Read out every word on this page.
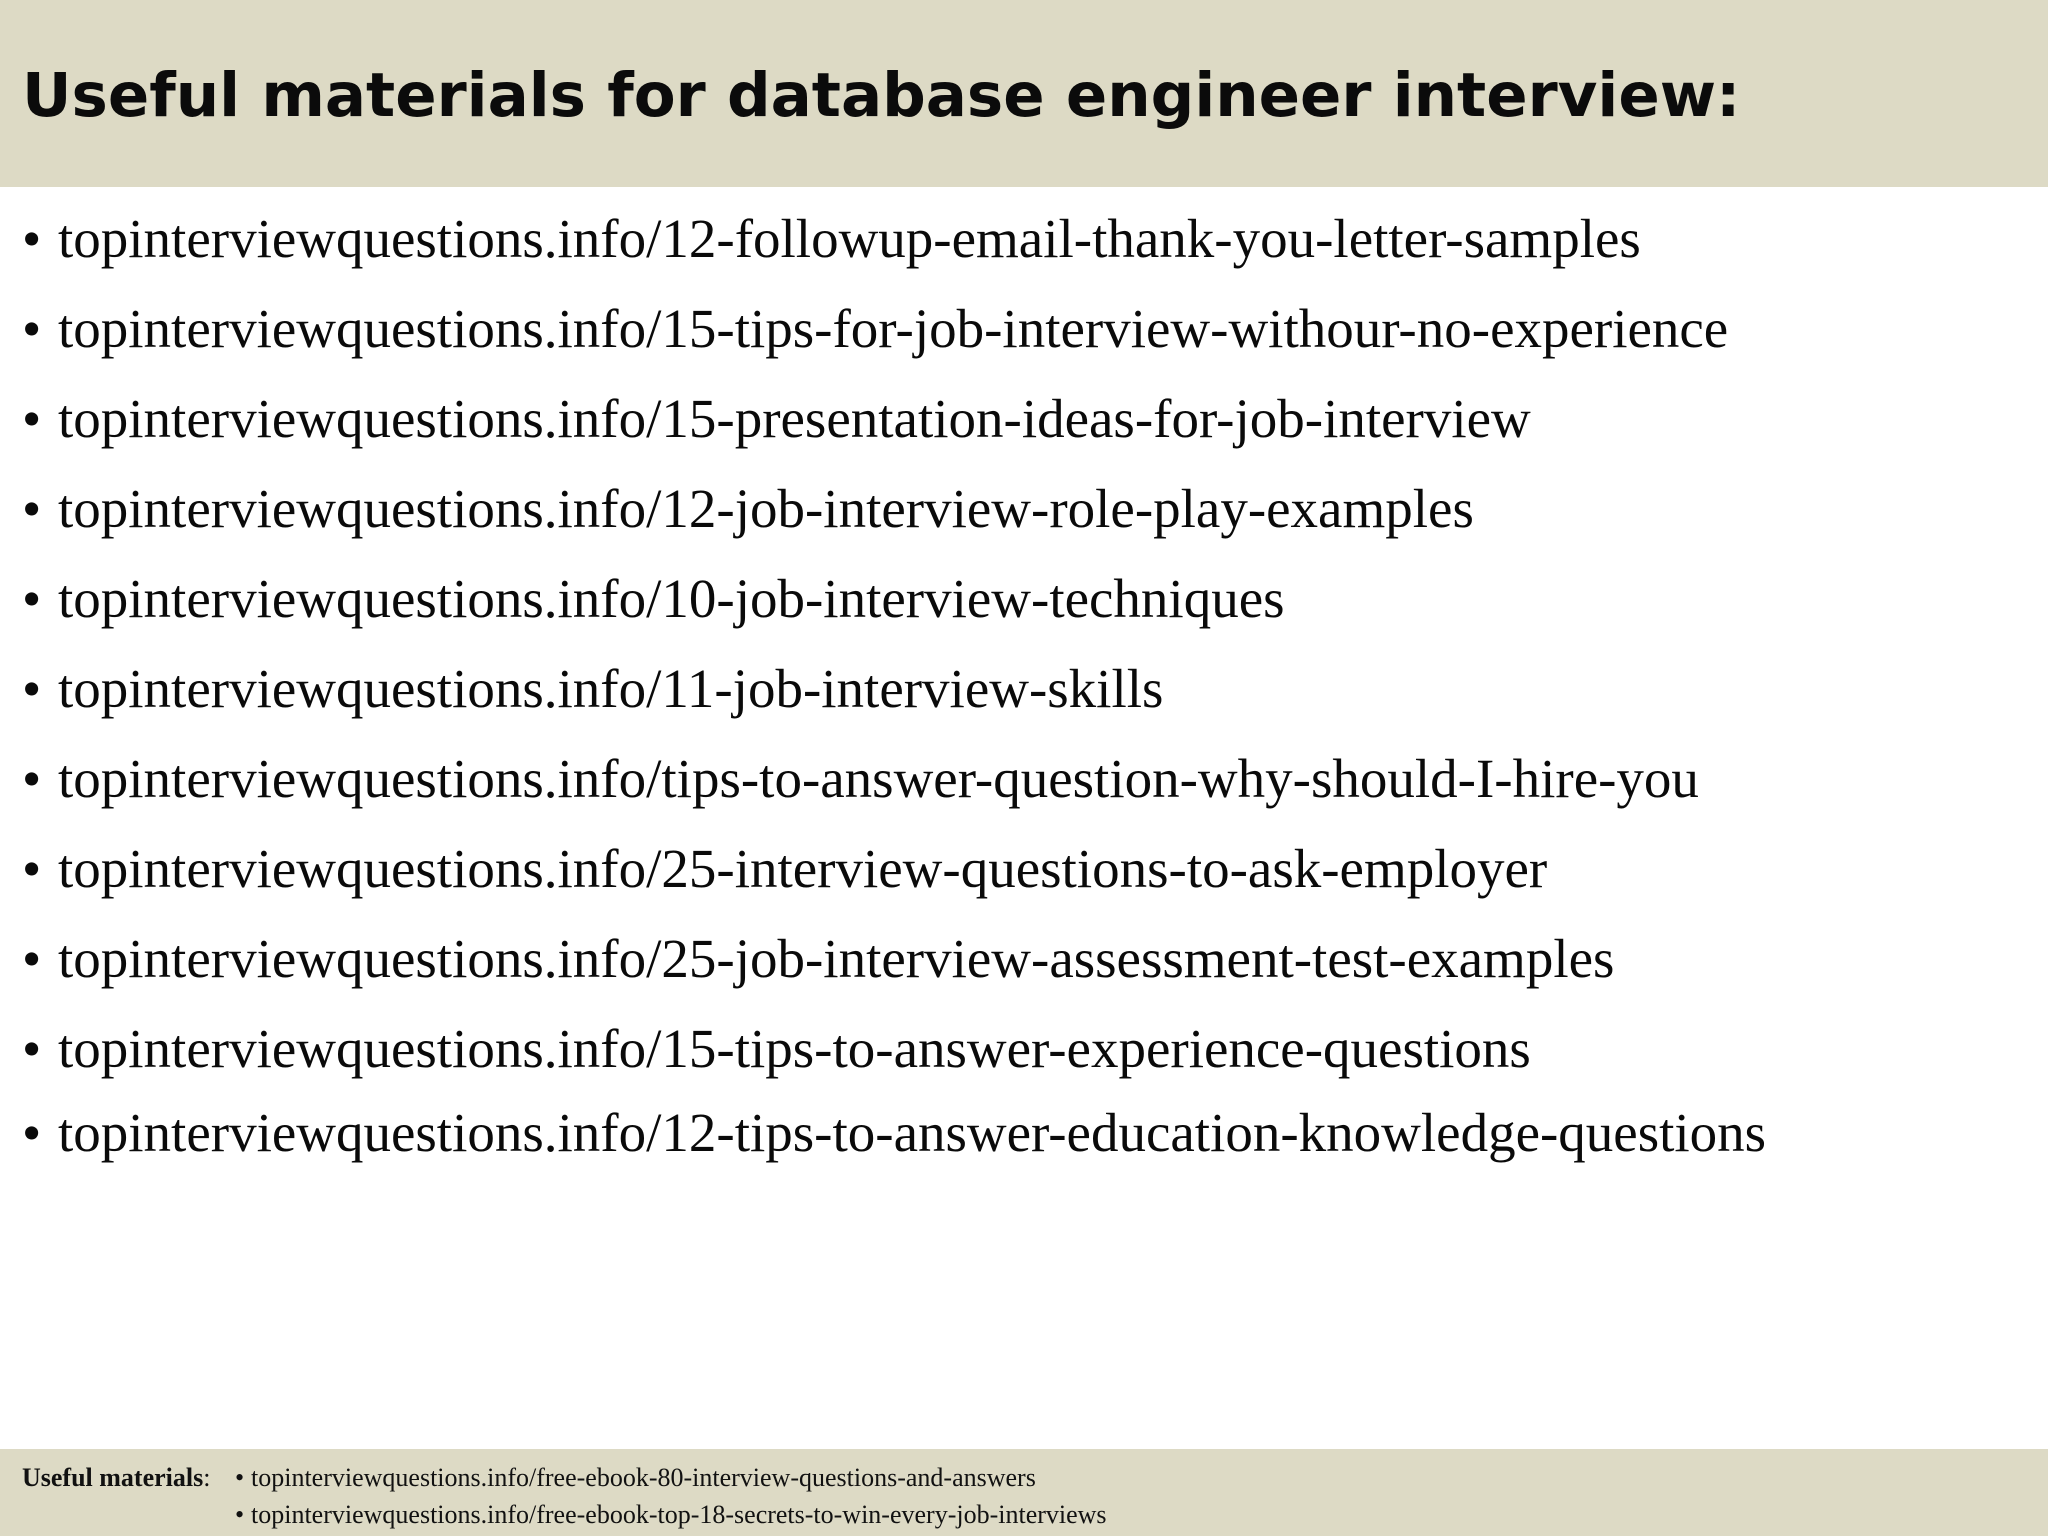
Useful materials for database engineer interview:
• topinterviewquestions.info/12-followup-email-thank-you-letter-samples
• topinterviewquestions.info/15-tips-for-job-interview-withour-no-experience
• topinterviewquestions.info/15-presentation-ideas-for-job-interview
• topinterviewquestions.info/12-job-interview-role-play-examples
• topinterviewquestions.info/10-job-interview-techniques
• topinterviewquestions.info/11-job-interview-skills
• topinterviewquestions.info/tips-to-answer-question-why-should-I-hire-you
• topinterviewquestions.info/25-interview-questions-to-ask-employer
• topinterviewquestions.info/25-job-interview-assessment-test-examples
• topinterviewquestions.info/15-tips-to-answer-experience-questions
• topinterviewquestions.info/12-tips-to-answer-education-knowledge-questions
Useful materials: • topinterviewquestions.info/free-ebook-80-interview-questions-and-answers
• topinterviewquestions.info/free-ebook-top-18-secrets-to-win-every-job-interviews
